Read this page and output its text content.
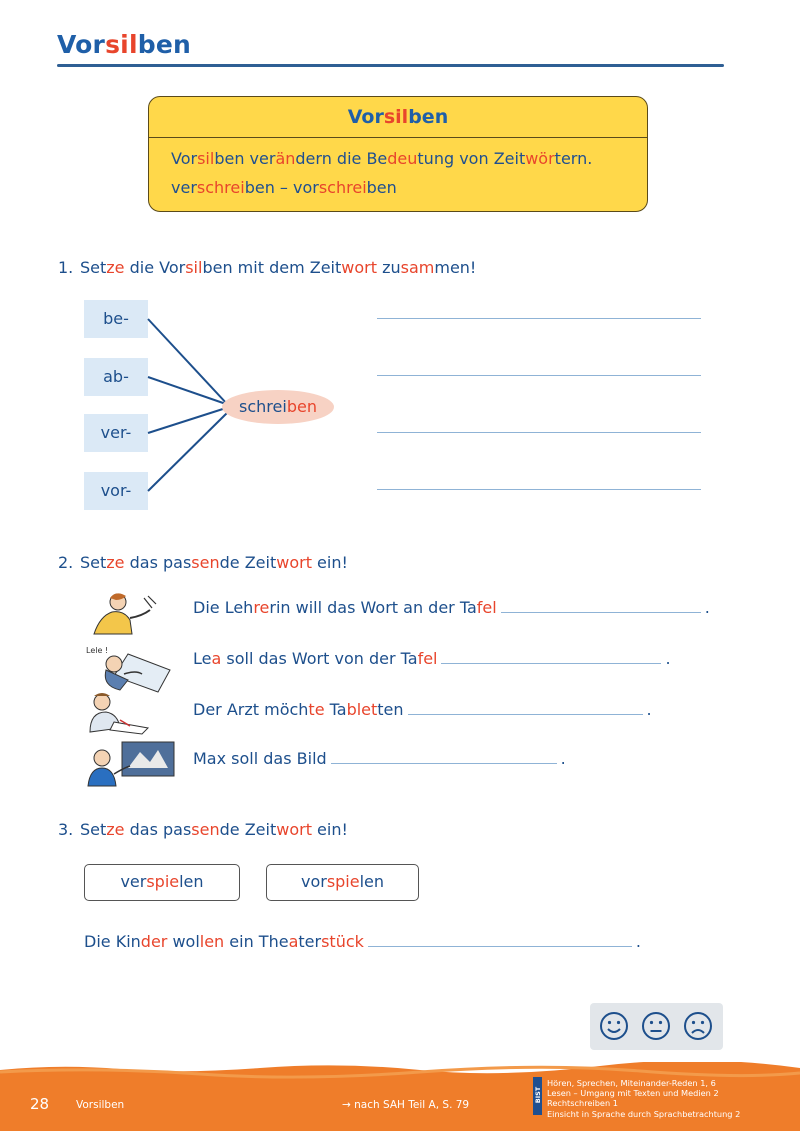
Vorsilben
Vorsilben
Vorsilben verändern die Bedeutung von Zeitwörtern.
verschreiben – vorschreiben
1. Setze die Vorsilben mit dem Zeitwort zusammen!
be-
ab-
ver-
vor-
schreiben
2. Setze das passende Zeitwort ein!
Lele !
Die Lehrerin will das Wort an der Tafel	.
Lea soll das Wort von der Tafel	.
Der Arzt möchte Tabletten	.
Max soll das Bild	.
3. Setze das passende Zeitwort ein!
verspielen	vorspielen
Die Kinder wollen ein Theaterstück	.
28	Vorsilben	→ nach SAH Teil A, S. 79
BIST
Hören, Sprechen, Miteinander-Reden 1, 6
Lesen – Umgang mit Texten und Medien 2
Rechtschreiben 1
Einsicht in Sprache durch Sprachbetrachtung 2
